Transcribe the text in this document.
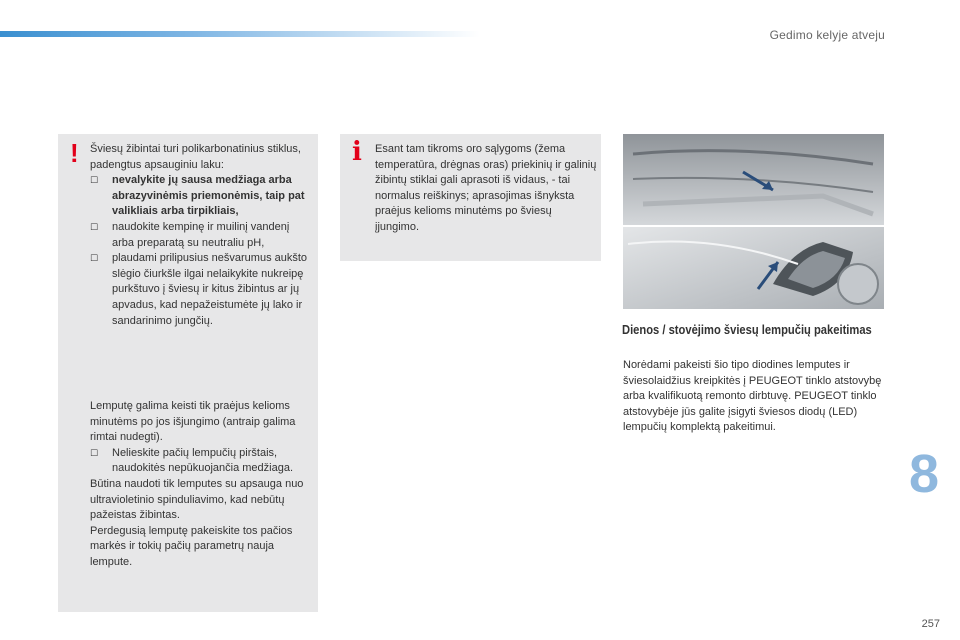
Gedimo kelyje atveju
! Šviesų žibintai turi polikarbonatinius stiklus, padengtus apsauginiu laku:

☐ nevalykite jų sausa medžiaga arba abrazyvinėmis priemonėmis, taip pat valikliais arba tirpikliais,
☐ naudokite kempinę ir muilinį vandenį arba preparatą su neutraliu pH,
☐ plaudami prilipusius nešvarumus aukšto slėgio čiurkšle ilgai nelaikykite nukreipę purkštuvo į šviesų ir kitus žibintus ar jų apvadus, kad nepažeistumėte jų lako ir sandarinimo jungčių.

Lemputę galima keisti tik praėjus kelioms minutėms po jos išjungimo (antraip galima rimtai nudegti).

☐ Nelieskite pačių lempučių pirštais, naudokitės nepūkuojančia medžiaga.

Būtina naudoti tik lemputes su apsauga nuo ultravioletinio spinduliavimo, kad nebūtų pažeistas žibintas.

Perdegusią lemputę pakeiskite tos pačios markės ir tokių pačių parametrų nauja lempute.

i Esant tam tikroms oro sąlygoms (žema temperatūra, drėgnas oras) priekinių ir galinių žibintų stiklai gali aprasoti iš vidaus, - tai normalus reiškinys; aprasojimas išnyksta praėjus kelioms minutėms po šviesų įjungimo.
Dienos / stovėjimo šviesų lempučių pakeitimas
Norėdami pakeisti šio tipo diodines lemputes ir šviesolaidžius kreipkitės į PEUGEOT tinklo atstovybę arba kvalifikuotą remonto dirbtuvę. PEUGEOT tinklo atstovybėje jūs galite įsigyti šviesos diodų (LED) lempučių komplektą pakeitimui.
8
257
